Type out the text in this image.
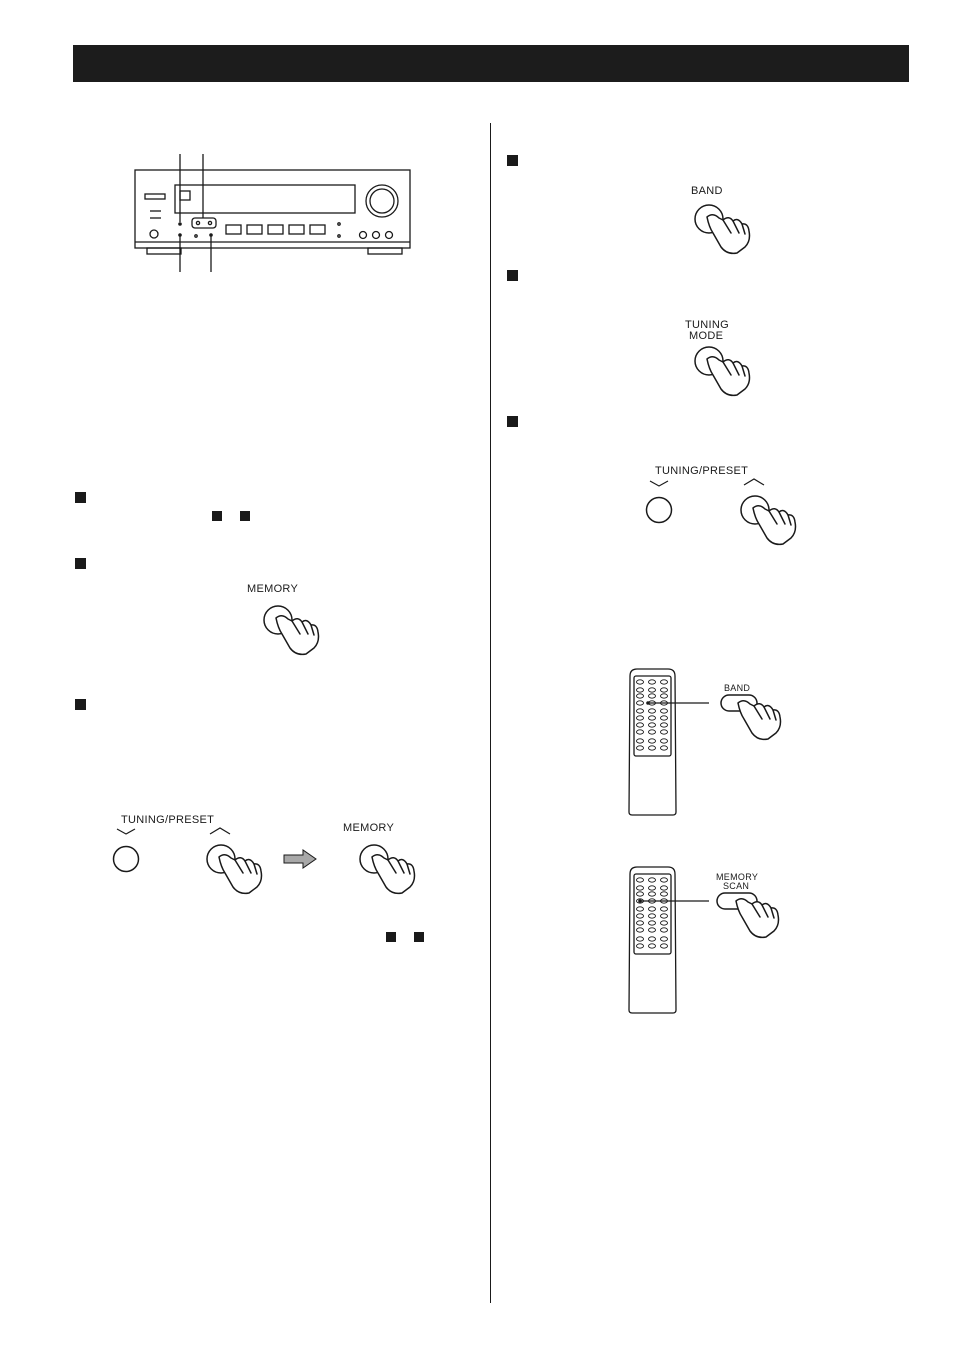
MEMORY
TUNING/PRESET
MEMORY
BAND
TUNING
MODE
TUNING/PRESET
BAND
MEMORY
SCAN
